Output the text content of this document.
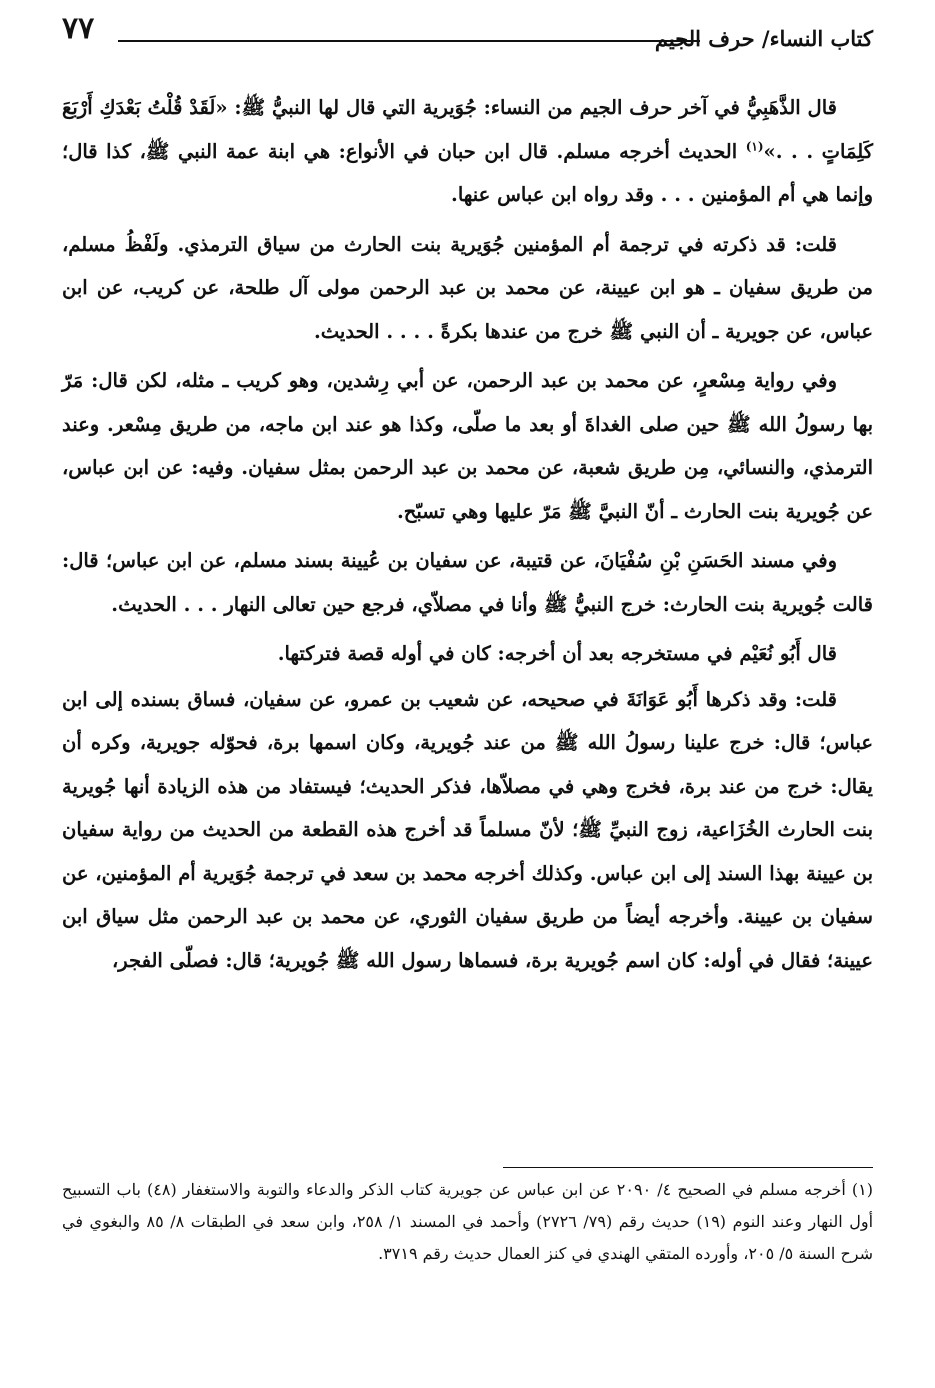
٧٧	كتاب النساء/ حرف الجيم

قال الذَّهَبِيُّ في آخر حرف الجيم من النساء: جُوَيرية التي قال لها النبيُّ ﷺ: «لَقَدْ قُلْتُ بَعْدَكِ أَرْبَعَ كَلِمَاتٍ . . .»$^{(١)}$ الحديث أخرجه مسلم. قال ابن حبان في الأنواع: هي ابنة عمة النبي ﷺ، كذا قال؛ وإنما هي أم المؤمنين . . . وقد رواه ابن عباس عنها.

قلت: قد ذكرته في ترجمة أم المؤمنين جُوَيرية بنت الحارث من سياق الترمذي. ولَفْظُ مسلم، من طريق سفيان ـ هو ابن عيينة، عن محمد بن عبد الرحمن مولى آل طلحة، عن كريب، عن ابن عباس، عن جويرية ـ أن النبي ﷺ خرج من عندها بكرةً . . . . الحديث.

وفي رواية مِسْعرٍ، عن محمد بن عبد الرحمن، عن أبي رِشدين، وهو كريب ـ مثله، لكن قال: مَرّ بها رسولُ الله ﷺ حين صلى الغداةَ أو بعد ما صلّى، وكذا هو عند ابن ماجه، من طريق مِسْعر. وعند الترمذي، والنسائي، مِن طريق شعبة، عن محمد بن عبد الرحمن بمثل سفيان. وفيه: عن ابن عباس، عن جُويرية بنت الحارث ـ أنّ النبيَّ ﷺ مَرّ عليها وهي تسبّح.

وفي مسند الحَسَنِ بْنِ سُفْيَانَ، عن قتيبة، عن سفيان بن عُيينة بسند مسلم، عن ابن عباس؛ قال: قالت جُويرية بنت الحارث: خرج النبيُّ ﷺ وأنا في مصلاّي، فرجع حين تعالى النهار . . . الحديث.

قال أَبُو نُعَيْم في مستخرجه بعد أن أخرجه: كان في أوله قصة فتركتها.

قلت: وقد ذكرها أَبُو عَوَانَةَ في صحيحه، عن شعيب بن عمرو، عن سفيان، فساق بسنده إلى ابن عباس؛ قال: خرج علينا رسولُ الله ﷺ من عند جُويرية، وكان اسمها برة، فحوّله جويرية، وكره أن يقال: خرج من عند برة، فخرج وهي في مصلاّها، فذكر الحديث؛ فيستفاد من هذه الزيادة أنها جُويرية بنت الحارث الخُزَاعية، زوج النبيِّ ﷺ؛ لأنّ مسلماً قد أخرج هذه القطعة من الحديث من رواية سفيان بن عيينة بهذا السند إلى ابن عباس. وكذلك أخرجه محمد بن سعد في ترجمة جُوَيرية أم المؤمنين، عن سفيان بن عيينة. وأخرجه أيضاً من طريق سفيان الثوري، عن محمد بن عبد الرحمن مثل سياق ابن عيينة؛ فقال في أوله: كان اسم جُويرية برة، فسماها رسول الله ﷺ جُويرية؛ قال: فصلّى الفجر،

(١) أخرجه مسلم في الصحيح ٤/ ٢٠٩٠ عن ابن عباس عن جويرية كتاب الذكر والدعاء والتوبة والاستغفار (٤٨) باب التسبيح أول النهار وعند النوم (١٩) حديث رقم (٧٩/ ٢٧٢٦) وأحمد في المسند ١/ ٢٥٨، وابن سعد في الطبقات ٨/ ٨٥ والبغوي في شرح السنة ٥/ ٢٠٥، وأورده المتقي الهندي في كنز العمال حديث رقم ٣٧١٩.
